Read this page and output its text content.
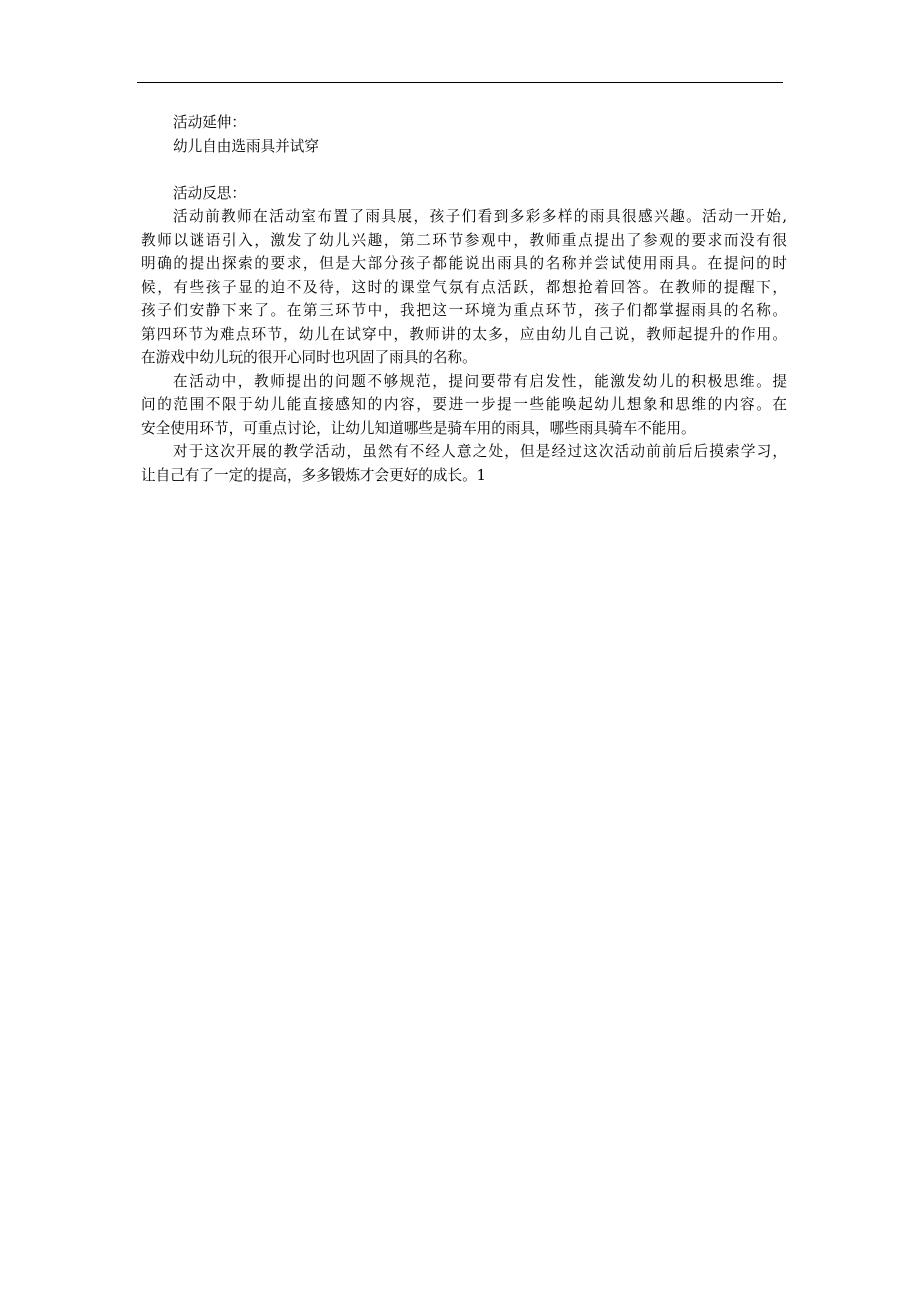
活动延伸：
幼儿自由选雨具并试穿
活动反思：
活动前教师在活动室布置了雨具展，孩子们看到多彩多样的雨具很感兴趣。活动一开始,
教师以谜语引入，激发了幼儿兴趣，第二环节参观中，教师重点提出了参观的要求而没有很
明确的提出探索的要求，但是大部分孩子都能说出雨具的名称并尝试使用雨具。在提问的时
候，有些孩子显的迫不及待，这时的课堂气氛有点活跃，都想抢着回答。在教师的提醒下，
孩子们安静下来了。在第三环节中，我把这一环境为重点环节，孩子们都掌握雨具的名称。
第四环节为难点环节，幼儿在试穿中，教师讲的太多，应由幼儿自己说，教师起提升的作用。
在游戏中幼儿玩的很开心同时也巩固了雨具的名称。
在活动中，教师提出的问题不够规范，提问要带有启发性，能激发幼儿的积极思维。提
问的范围不限于幼儿能直接感知的内容，要进一步提一些能唤起幼儿想象和思维的内容。在
安全使用环节，可重点讨论，让幼儿知道哪些是骑车用的雨具，哪些雨具骑车不能用。
对于这次开展的教学活动，虽然有不经人意之处，但是经过这次活动前前后后摸索学习，
让自己有了一定的提高，多多锻炼才会更好的成长。1
